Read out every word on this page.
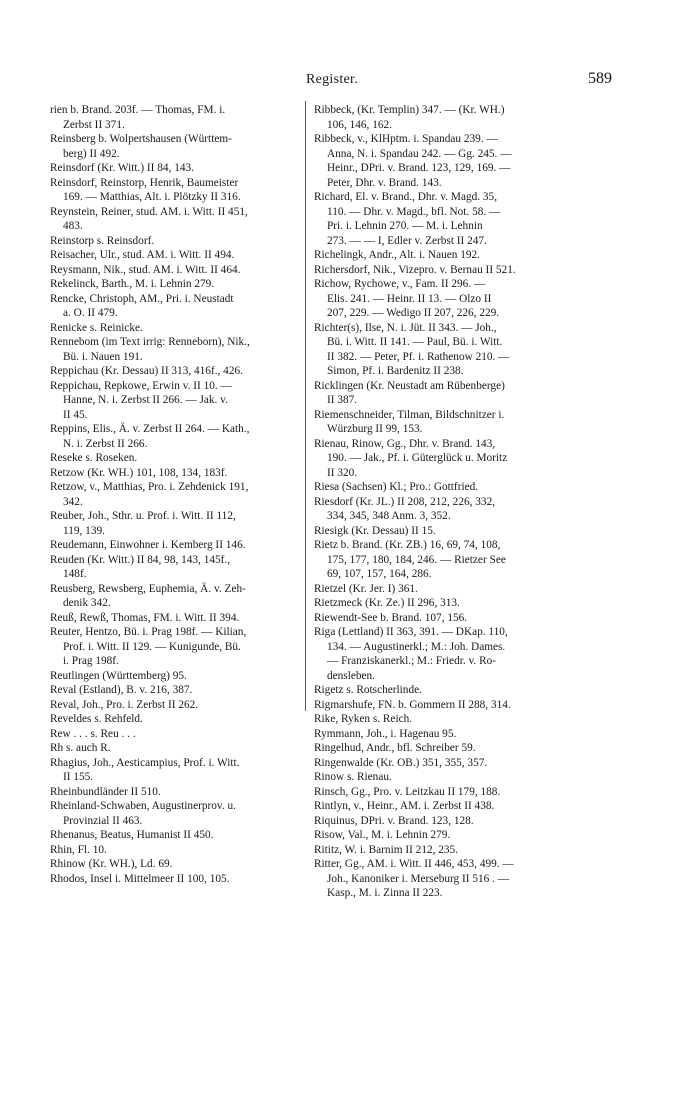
Register.	589
rien b. Brand. 203f. — Thomas, FM. i.
Zerbst II 371.
Reinsberg b. Wolpertshausen (Württem-
berg) II 492.
Reinsdorf (Kr. Witt.) II 84, 143.
Reinsdorf, Reinstorp, Henrik, Baumeister
169. — Matthias, Alt. i. Plötzky II 316.
Reynstein, Reiner, stud. AM. i. Witt. II 451,
483.
Reinstorp s. Reinsdorf.
Reisacher, Ulr., stud. AM. i. Witt. II 494.
Reysmann, Nik., stud. AM. i. Witt. II 464.
Rekelinck, Barth., M. i. Lehnin 279.
Rencke, Christoph, AM., Pri. i. Neustadt
a. O. II 479.
Renicke s. Reinicke.
Rennebom (im Text irrig: Renneborn), Nik.,
Bü. i. Nauen 191.
Reppichau (Kr. Dessau) II 313, 416f., 426.
Reppichau, Repkowe, Erwin v. II 10. —
Hanne, N. i. Zerbst II 266. — Jak. v.
II 45.
Reppins, Elis., Ä. v. Zerbst II 264. — Kath.,
N. i. Zerbst II 266.
Reseke s. Roseken.
Retzow (Kr. WH.) 101, 108, 134, 183f.
Retzow, v., Matthias, Pro. i. Zehdenick 191,
342.
Reuber, Joh., Sthr. u. Prof. i. Witt. II 112,
119, 139.
Reudemann, Einwohner i. Kemberg II 146.
Reuden (Kr. Witt.) II 84, 98, 143, 145f.,
148f.
Reusberg, Rewsberg, Euphemia, Ä. v. Zeh-
denik 342.
Reuß, Rewß, Thomas, FM. i. Witt. II 394.
Reuter, Hentzo, Bü. i. Prag 198f. — Kilian,
Prof. i. Witt. II 129. — Kunigunde, Bü.
i. Prag 198f.
Reutlingen (Württemberg) 95.
Reval (Estland), B. v. 216, 387.
Reval, Joh., Pro. i. Zerbst II 262.
Reveldes s. Rehfeld.
Rew . . . s. Reu . . .
Rh s. auch R.
Rhagius, Joh., Aesticampius, Prof. i. Witt.
II 155.
Rheinbundländer II 510.
Rheinland-Schwaben, Augustinerprov. u.
Provinzial II 463.
Rhenanus, Beatus, Humanist II 450.
Rhin, Fl. 10.
Rhinow (Kr. WH.), Ld. 69.
Rhodos, Insel i. Mittelmeer II 100, 105.
Ribbeck, (Kr. Templin) 347. — (Kr. WH.)
106, 146, 162.
Ribbeck, v., KlHptm. i. Spandau 239. —
Anna, N. i. Spandau 242. — Gg. 245. —
Heinr., DPri. v. Brand. 123, 129, 169. —
Peter, Dhr. v. Brand. 143.
Richard, El. v. Brand., Dhr. v. Magd. 35,
110. — Dhr. v. Magd., bfl. Not. 58. —
Pri. i. Lehnin 270. — M. i. Lehnin
273. — — I, Edler v. Zerbst II 247.
Richelingk, Andr., Alt. i. Nauen 192.
Richersdorf, Nik., Vizepro. v. Bernau II 521.
Richow, Rychowe, v., Fam. II 296. —
Elis. 241. — Heinr. II 13. — Olzo II
207, 229. — Wedigo II 207, 226, 229.
Richter(s), Ilse, N. i. Jüt. II 343. — Joh.,
Bü. i. Witt. II 141. — Paul, Bü. i. Witt.
II 382. — Peter, Pf. i. Rathenow 210. —
Simon, Pf. i. Bardenitz II 238.
Ricklingen (Kr. Neustadt am Rübenberge)
II 387.
Riemenschneider, Tilman, Bildschnitzer i.
Würzburg II 99, 153.
Rienau, Rinow, Gg., Dhr. v. Brand. 143,
190. — Jak., Pf. i. Güterglück u. Moritz
II 320.
Riesa (Sachsen) Kl.; Pro.: Gottfried.
Riesdorf (Kr. JL.) II 208, 212, 226, 332,
334, 345, 348 Anm. 3, 352.
Riesigk (Kr. Dessau) II 15.
Rietz b. Brand. (Kr. ZB.) 16, 69, 74, 108,
175, 177, 180, 184, 246. — Rietzer See
69, 107, 157, 164, 286.
Rietzel (Kr. Jer. I) 361.
Rietzmeck (Kr. Ze.) II 296, 313.
Riewendt-See b. Brand. 107, 156.
Riga (Lettland) II 363, 391. — DKap. 110,
134. — Augustinerkl.; M.: Joh. Dames.
— Franziskanerkl.; M.: Friedr. v. Ro-
densleben.
Rigetz s. Rotscherlinde.
Rigmarshufe, FN. b. Gommern II 288, 314.
Rike, Ryken s. Reich.
Rymmann, Joh., i. Hagenau 95.
Ringelhud, Andr., bfl. Schreiber 59.
Ringenwalde (Kr. OB.) 351, 355, 357.
Rinow s. Rienau.
Rinsch, Gg., Pro. v. Leitzkau II 179, 188.
Rintlyn, v., Heinr., AM. i. Zerbst II 438.
Riquinus, DPri. v. Brand. 123, 128.
Risow, Val., M. i. Lehnin 279.
Rititz, W. i. Barnim II 212, 235.
Ritter, Gg., AM. i. Witt. II 446, 453, 499. —
Joh., Kanoniker i. Merseburg II 516 . —
Kasp., M. i. Zinna II 223.
